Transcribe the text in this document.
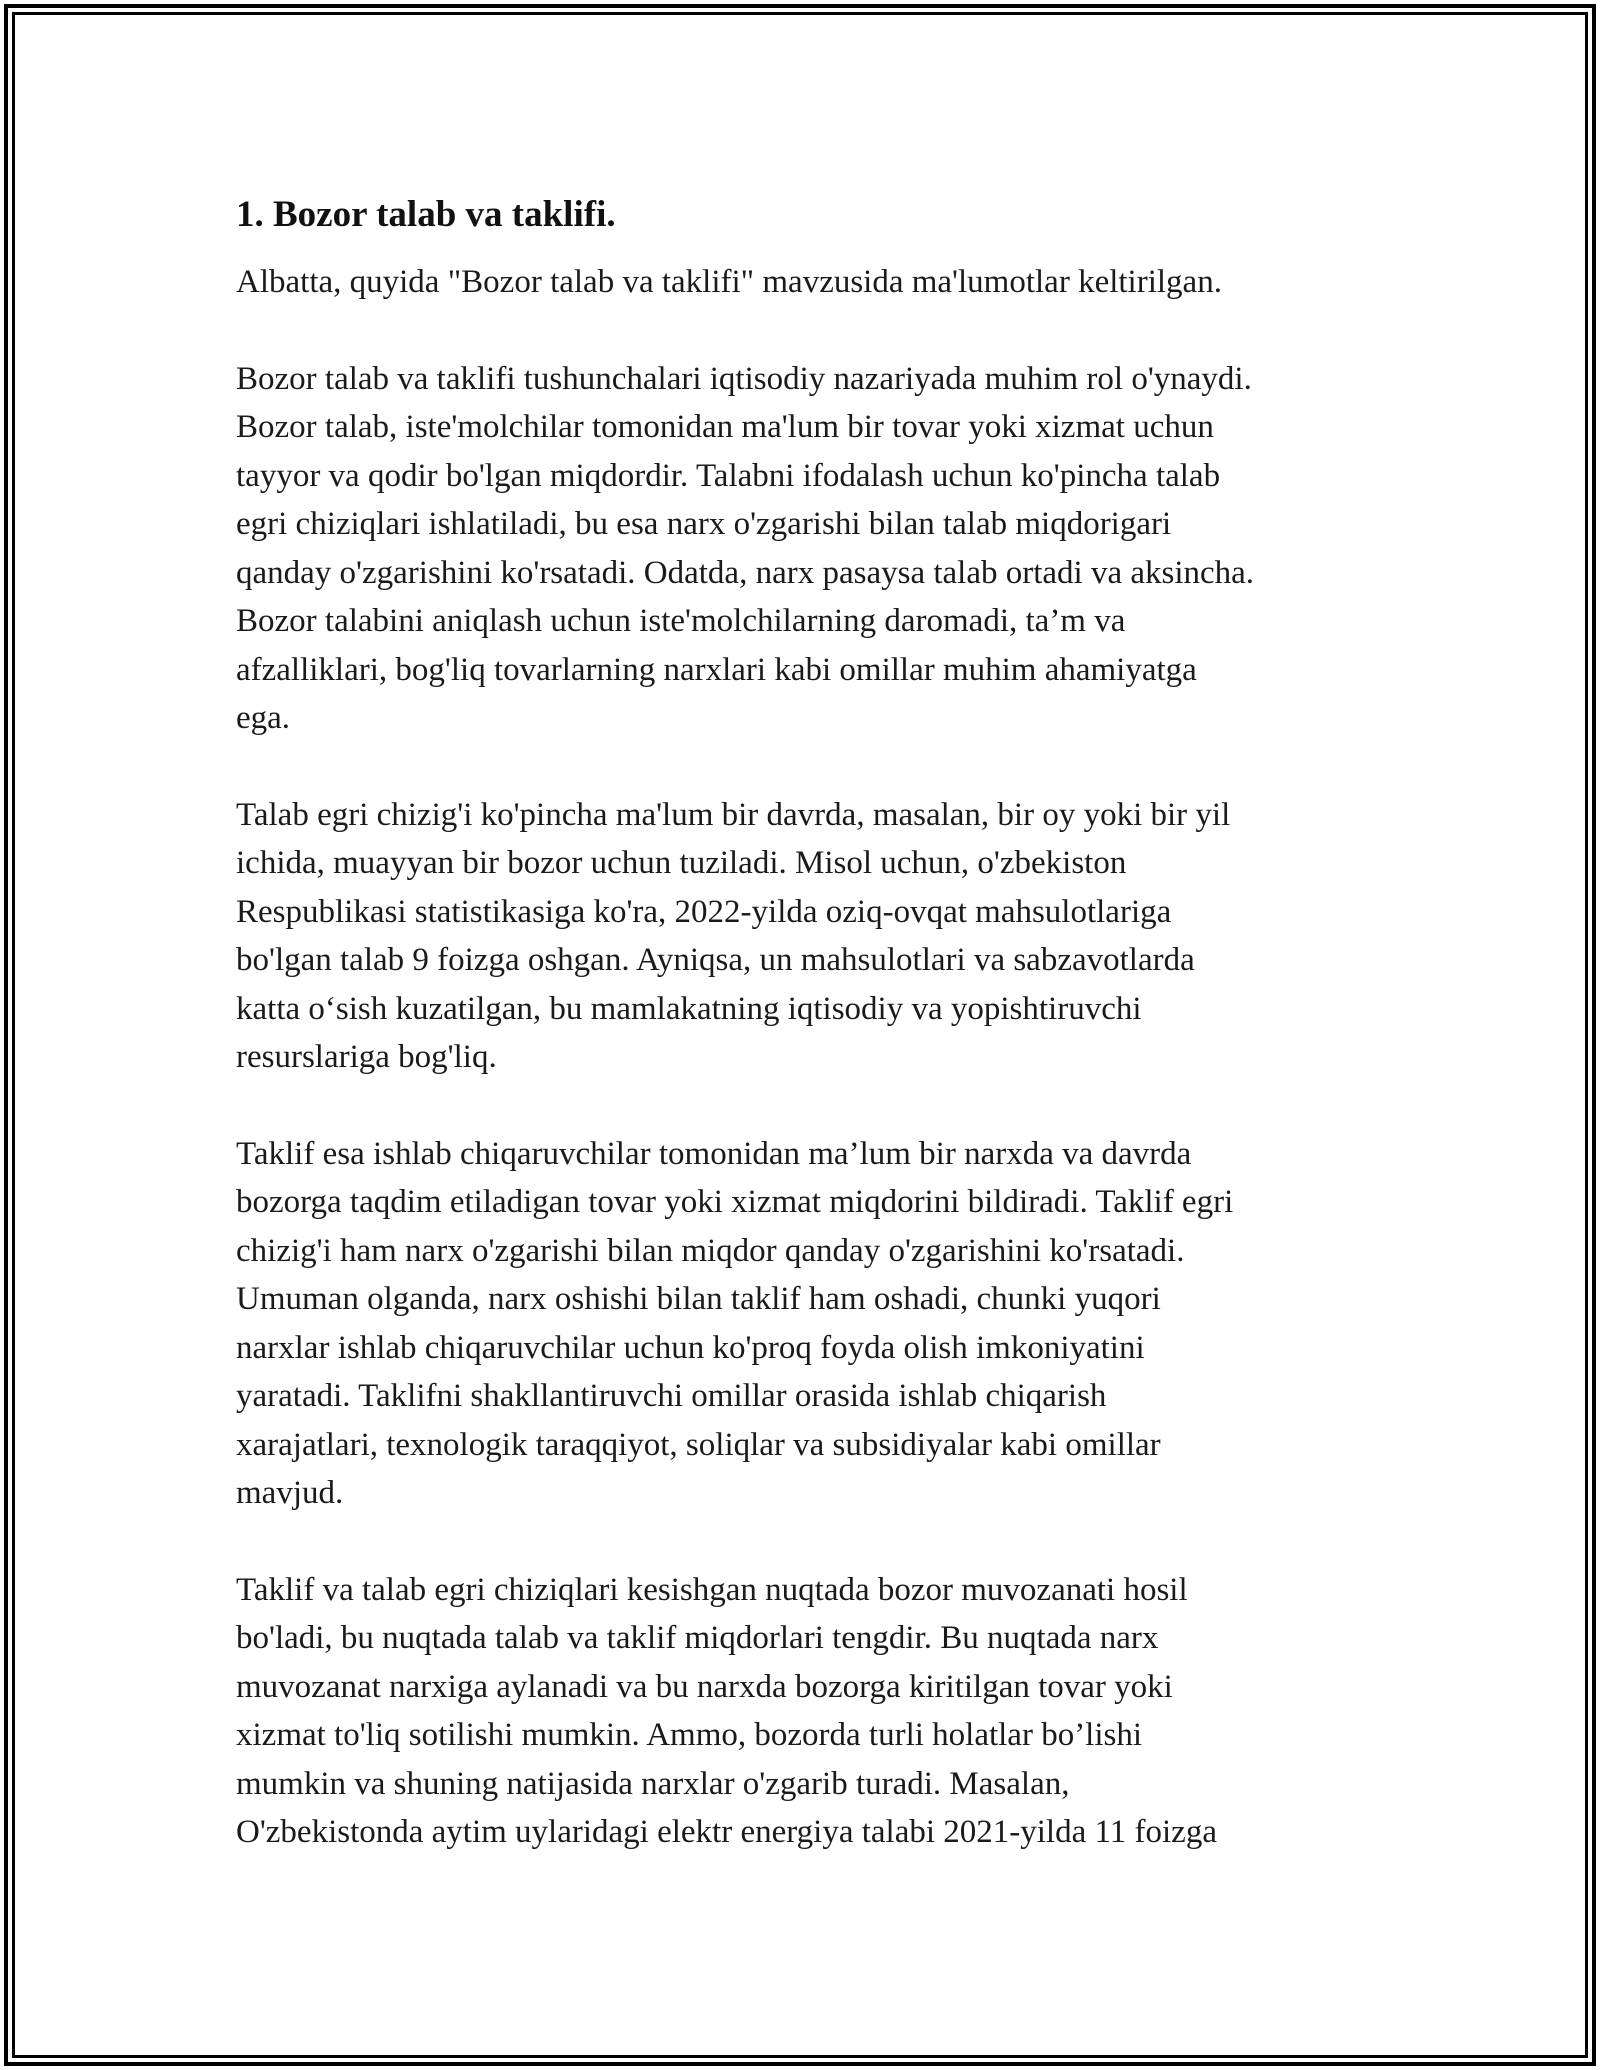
1. Bozor talab va taklifi.

Albatta, quyida "Bozor talab va taklifi" mavzusida ma'lumotlar keltirilgan.

Bozor talab va taklifi tushunchalari iqtisodiy nazariyada muhim rol o'ynaydi.
Bozor talab, iste'molchilar tomonidan ma'lum bir tovar yoki xizmat uchun
tayyor va qodir bo'lgan miqdordir. Talabni ifodalash uchun ko'pincha talab
egri chiziqlari ishlatiladi, bu esa narx o'zgarishi bilan talab miqdorigari
qanday o'zgarishini ko'rsatadi. Odatda, narx pasaysa talab ortadi va aksincha.
Bozor talabini aniqlash uchun iste'molchilarning daromadi, ta’m va
afzalliklari, bog'liq tovarlarning narxlari kabi omillar muhim ahamiyatga
ega.

Talab egri chizig'i ko'pincha ma'lum bir davrda, masalan, bir oy yoki bir yil
ichida, muayyan bir bozor uchun tuziladi. Misol uchun, o'zbekiston
Respublikasi statistikasiga ko'ra, 2022-yilda oziq-ovqat mahsulotlariga
bo'lgan talab 9 foizga oshgan. Ayniqsa, un mahsulotlari va sabzavotlarda
katta o‘sish kuzatilgan, bu mamlakatning iqtisodiy va yopishtiruvchi
resurslariga bog'liq.

Taklif esa ishlab chiqaruvchilar tomonidan ma’lum bir narxda va davrda
bozorga taqdim etiladigan tovar yoki xizmat miqdorini bildiradi. Taklif egri
chizig'i ham narx o'zgarishi bilan miqdor qanday o'zgarishini ko'rsatadi.
Umuman olganda, narx oshishi bilan taklif ham oshadi, chunki yuqori
narxlar ishlab chiqaruvchilar uchun ko'proq foyda olish imkoniyatini
yaratadi. Taklifni shakllantiruvchi omillar orasida ishlab chiqarish
xarajatlari, texnologik taraqqiyot, soliqlar va subsidiyalar kabi omillar
mavjud.

Taklif va talab egri chiziqlari kesishgan nuqtada bozor muvozanati hosil
bo'ladi, bu nuqtada talab va taklif miqdorlari tengdir. Bu nuqtada narx
muvozanat narxiga aylanadi va bu narxda bozorga kiritilgan tovar yoki
xizmat to'liq sotilishi mumkin. Ammo, bozorda turli holatlar bo’lishi
mumkin va shuning natijasida narxlar o'zgarib turadi. Masalan,
O'zbekistonda aytim uylaridagi elektr energiya talabi 2021-yilda 11 foizga
